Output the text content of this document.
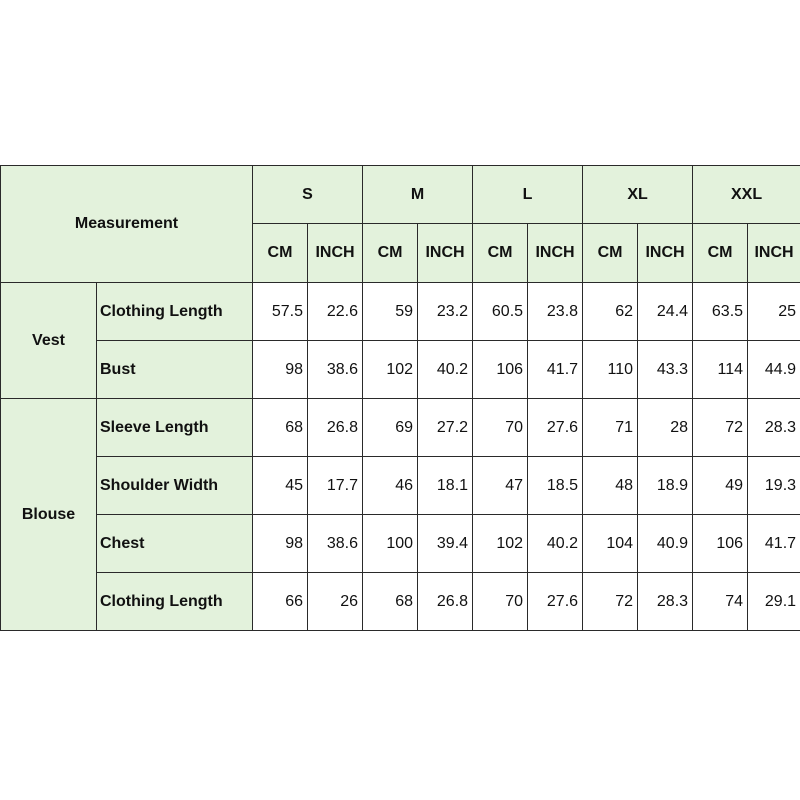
Measurement		S		M		L		XL		XXL	
		CM	INCH	CM	INCH	CM	INCH	CM	INCH	CM	INCH
Vest	Clothing Length	57.5	22.6	59	23.2	60.5	23.8	62	24.4	63.5	25
	Bust	98	38.6	102	40.2	106	41.7	110	43.3	114	44.9
Blouse	Sleeve Length	68	26.8	69	27.2	70	27.6	71	28	72	28.3
	Shoulder Width	45	17.7	46	18.1	47	18.5	48	18.9	49	19.3
	Chest	98	38.6	100	39.4	102	40.2	104	40.9	106	41.7
	Clothing Length	66	26	68	26.8	70	27.6	72	28.3	74	29.1
